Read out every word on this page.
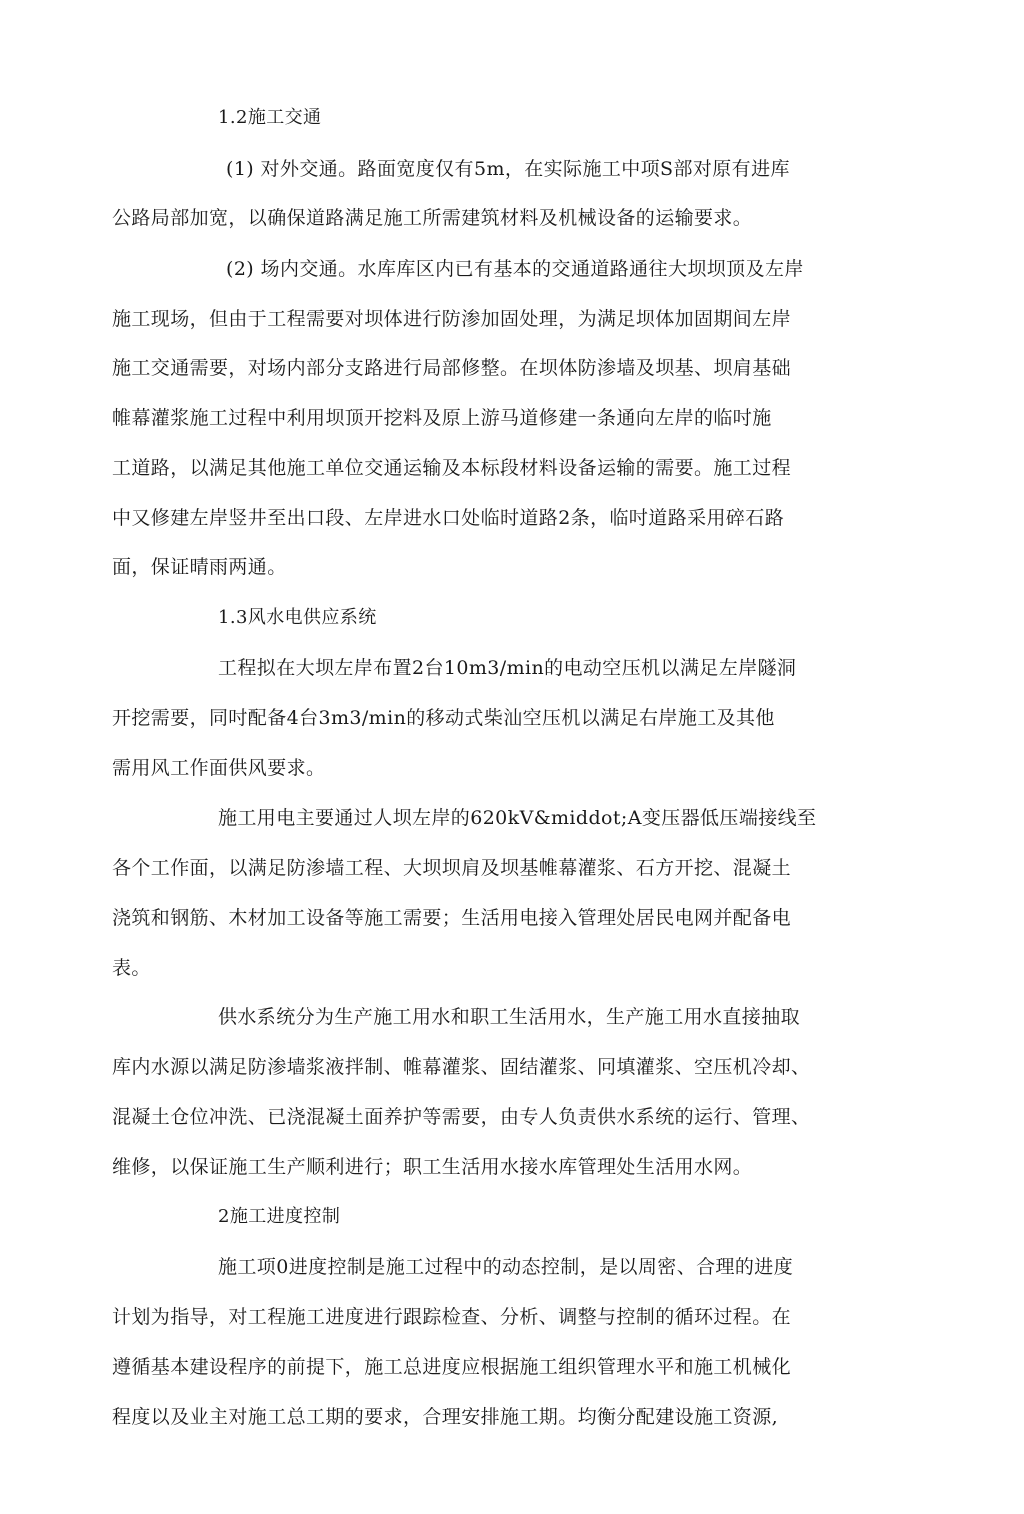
1.2施工交通
(1) 对外交通。路面宽度仅有5m，在实际施工中项S部对原有进库
公路局部加宽，以确保道路满足施工所需建筑材料及机械设备的运输要求。
(2) 场内交通。水库库区内已有基本的交通道路通往大坝坝顶及左岸
施工现场，但由于工程需要对坝体进行防渗加固处理，为满足坝体加固期间左岸
施工交通需要，对场内部分支路进行局部修整。在坝体防渗墙及坝基、坝肩基础
帷幕灌浆施工过程中利用坝顶开挖料及原上游马道修建一条通向左岸的临吋施
工道路，以满足其他施工单位交通运输及本标段材料设备运输的需要。施工过程
中又修建左岸竖井至出口段、左岸进水口处临时道路2条，临吋道路采用碎石路
面，保证晴雨两通。
1.3风水电供应系统
工程拟在大坝左岸布置2台10m3/min的电动空压机以满足左岸隧洞
开挖需要，同吋配备4台3m3/min的移动式柴汕空压机以满足右岸施工及其他
需用风工作面供风要求。
施工用电主要通过人坝左岸的620kV&middot;A变压器低压端接线至
各个工作面，以满足防渗墙工程、大坝坝肩及坝基帷幕灌浆、石方开挖、混凝土
浇筑和钢筋、木材加工设备等施工需要；生活用电接入管理处居民电网并配备电
表。
供水系统分为生产施工用水和职工生活用水，生产施工用水直接抽取
库内水源以满足防渗墙浆液拌制、帷幕灌浆、固结灌浆、冋填灌浆、空压机冷却、
混凝土仓位冲洗、已浇混凝土面养护等需要，由专人负责供水系统的运行、管理、
维修，以保证施工生产顺利进行；职工生活用水接水库管理处生活用水网。
2施工进度控制
施工项0进度控制是施工过程中的动态控制，是以周密、合理的进度
计划为指导，对工程施工进度进行跟踪检查、分析、调整与控制的循环过程。在
遵循基本建设程序的前提下，施工总进度应根据施工组织管理水平和施工机械化
程度以及业主对施工总工期的要求，合理安排施工期。均衡分配建设施工资源,
